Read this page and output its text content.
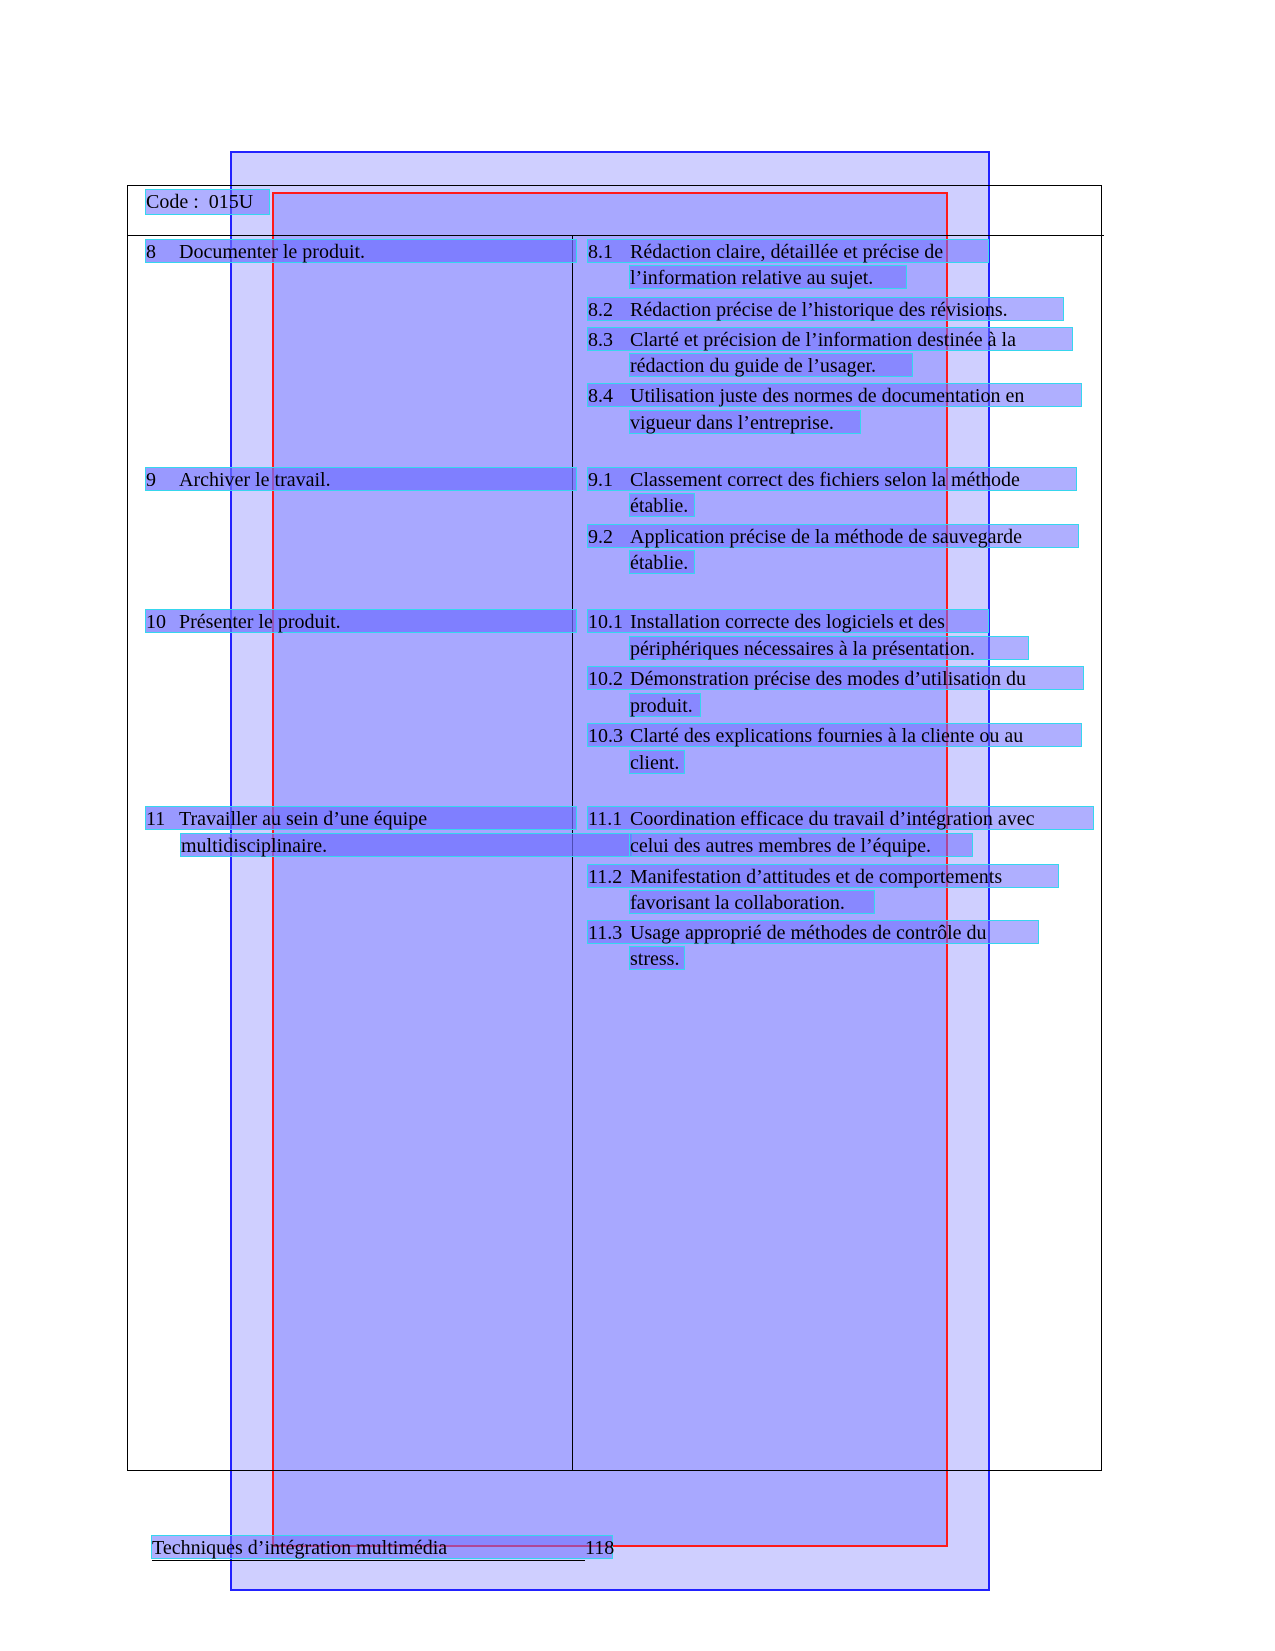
Code : 015U
8 Documenter le produit.
9 Archiver le travail.
10 Présenter le produit.
11 Travailler au sein d’une équipe
multidisciplinaire.
8.1 Rédaction claire, détaillée et précise de
l’information relative au sujet.
8.2 Rédaction précise de l’historique des révisions.
8.3 Clarté et précision de l’information destinée à la
rédaction du guide de l’usager.
8.4 Utilisation juste des normes de documentation en
vigueur dans l’entreprise.
9.1 Classement correct des fichiers selon la méthode
établie.
9.2 Application précise de la méthode de sauvegarde
établie.
10.1 Installation correcte des logiciels et des
périphériques nécessaires à la présentation.
10.2 Démonstration précise des modes d’utilisation du
produit.
10.3 Clarté des explications fournies à la cliente ou au
client.
11.1 Coordination efficace du travail d’intégration avec
celui des autres membres de l’équipe.
11.2 Manifestation d’attitudes et de comportements
favorisant la collaboration.
11.3 Usage approprié de méthodes de contrôle du
stress.
Techniques d’intégration multimédia	118
